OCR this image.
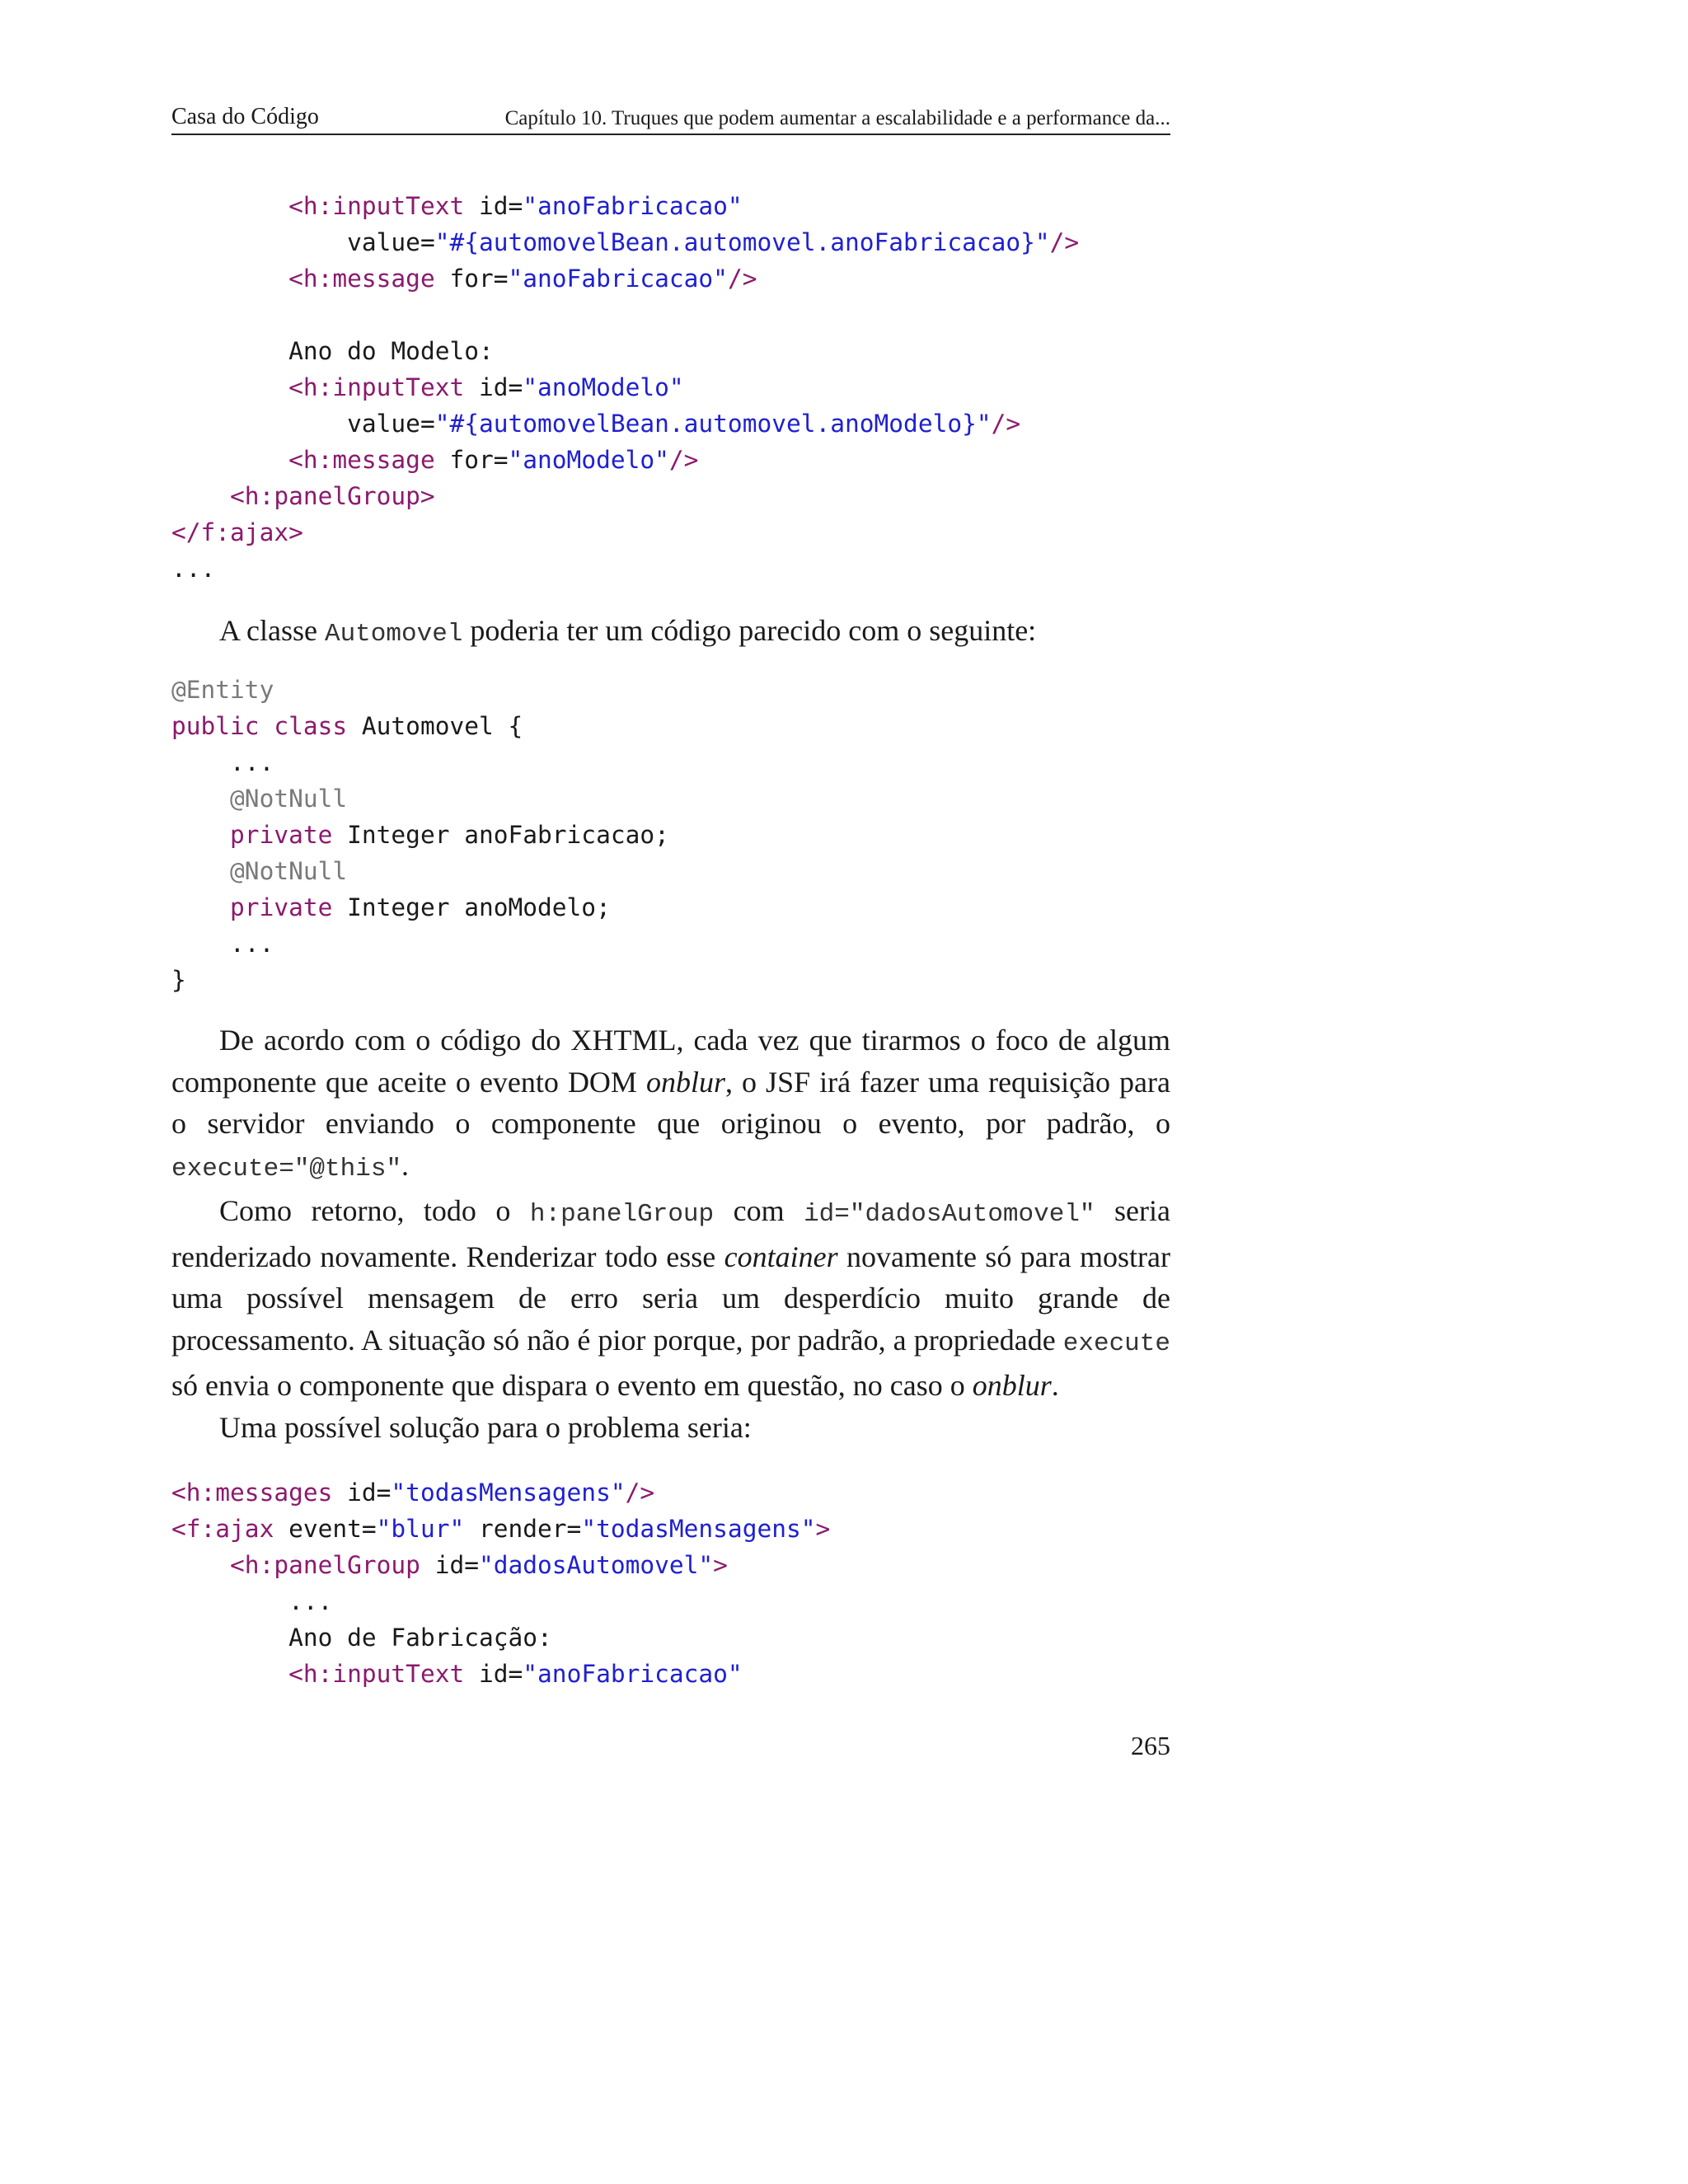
Casa do Código	Capítulo 10. Truques que podem aumentar a escalabilidade e a performance da...
<h:inputText id="anoFabricacao"
value="#{automovelBean.automovel.anoFabricacao}"/>
<h:message for="anoFabricacao"/>
Ano do Modelo:
<h:inputText id="anoModelo"
value="#{automovelBean.automovel.anoModelo}"/>
<h:message for="anoModelo"/>
<h:panelGroup>
</f:ajax>
...

A classe Automovel poderia ter um código parecido com o seguinte:

@Entity
public class Automovel {
...
@NotNull
private Integer anoFabricacao;
@NotNull
private Integer anoModelo;
...
}

De acordo com o código do XHTML, cada vez que tirarmos o foco de algum componente que aceite o evento DOM onblur, o JSF irá fazer uma requisição para o servidor enviando o componente que originou o evento, por padrão, o execute="@this".

Como retorno, todo o h:panelGroup com id="dadosAutomovel" seria renderizado novamente. Renderizar todo esse container novamente só para mostrar uma possível mensagem de erro seria um desperdício muito grande de processamento. A situação só não é pior porque, por padrão, a propriedade execute só envia o componente que dispara o evento em questão, no caso o onblur.

Uma possível solução para o problema seria:

<h:messages id="todasMensagens"/>
<f:ajax event="blur" render="todasMensagens">
<h:panelGroup id="dadosAutomovel">
...
Ano de Fabricação:
<h:inputText id="anoFabricacao"
265
